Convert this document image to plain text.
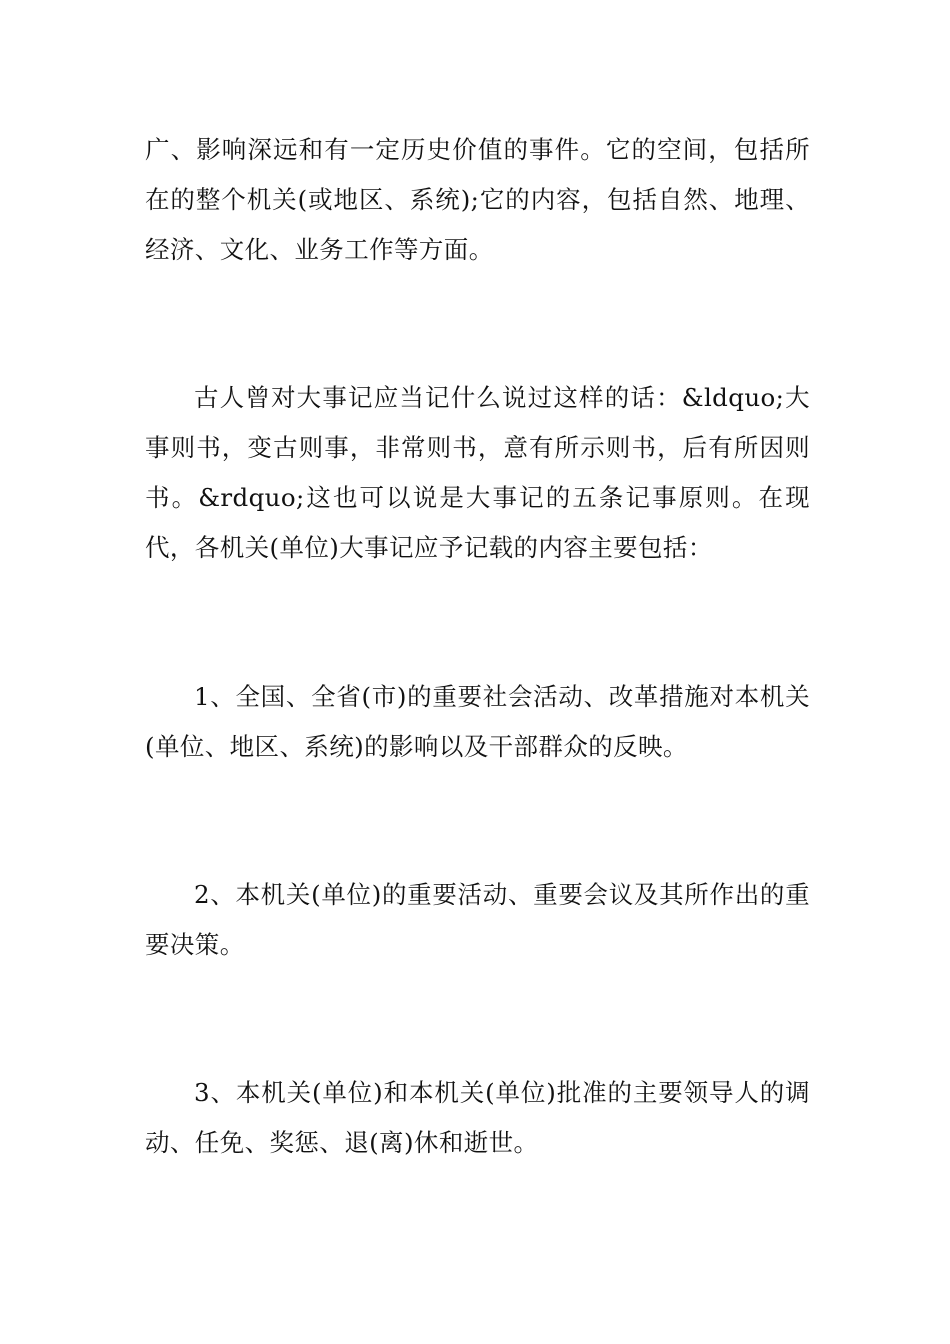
广、影响深远和有一定历史价值的事件。它的空间，包括所在的整个机关(或地区、系统);它的内容，包括自然、地理、经济、文化、业务工作等方面。

古人曾对大事记应当记什么说过这样的话：&ldquo;大事则书，变古则事，非常则书，意有所示则书，后有所因则书。&rdquo;这也可以说是大事记的五条记事原则。在现代，各机关(单位)大事记应予记载的内容主要包括：

1、全国、全省(市)的重要社会活动、改革措施对本机关(单位、地区、系统)的影响以及干部群众的反映。

2、本机关(单位)的重要活动、重要会议及其所作出的重要决策。

3、本机关(单位)和本机关(单位)批准的主要领导人的调动、任免、奖惩、退(离)休和逝世。
